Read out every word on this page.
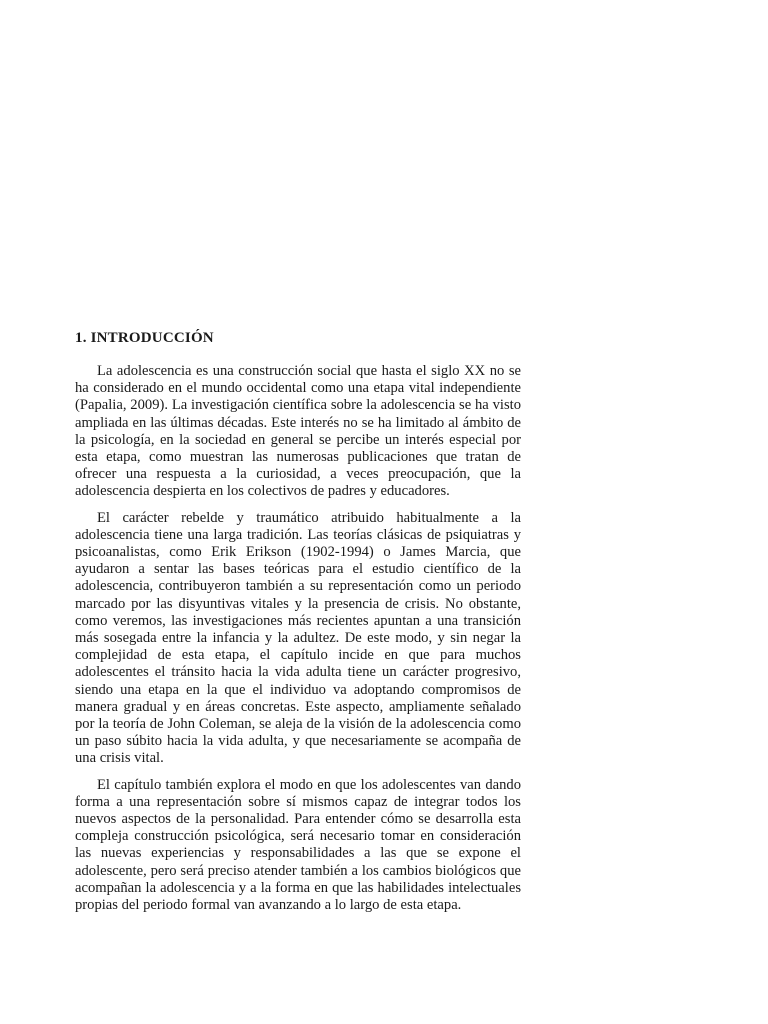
1. INTRODUCCIÓN

La adolescencia es una construcción social que hasta el siglo XX no se ha considerado en el mundo occidental como una etapa vital independiente (Papalia, 2009). La investigación científica sobre la adolescencia se ha visto ampliada en las últimas décadas. Este interés no se ha limitado al ámbito de la psicología, en la sociedad en general se percibe un interés especial por esta etapa, como muestran las numerosas publicaciones que tratan de ofrecer una respuesta a la curiosidad, a veces preocupación, que la adolescencia despierta en los colectivos de padres y educadores.

El carácter rebelde y traumático atribuido habitualmente a la adolescencia tiene una larga tradición. Las teorías clásicas de psiquiatras y psicoanalistas, como Erik Erikson (1902-1994) o James Marcia, que ayudaron a sentar las bases teóricas para el estudio científico de la adolescencia, contribuyeron también a su representación como un periodo marcado por las disyuntivas vitales y la presencia de crisis. No obstante, como veremos, las investigaciones más recientes apuntan a una transición más sosegada entre la infancia y la adultez. De este modo, y sin negar la complejidad de esta etapa, el capítulo incide en que para muchos adolescentes el tránsito hacia la vida adulta tiene un carácter progresivo, siendo una etapa en la que el individuo va adoptando compromisos de manera gradual y en áreas concretas. Este aspecto, ampliamente señalado por la teoría de John Coleman, se aleja de la visión de la adolescencia como un paso súbito hacia la vida adulta, y que necesariamente se acompaña de una crisis vital.

El capítulo también explora el modo en que los adolescentes van dando forma a una representación sobre sí mismos capaz de integrar todos los nuevos aspectos de la personalidad. Para entender cómo se desarrolla esta compleja construcción psicológica, será necesario tomar en consideración las nuevas experiencias y responsabilidades a las que se expone el adolescente, pero será preciso atender también a los cambios biológicos que acompañan la adolescencia y a la forma en que las habilidades intelectuales propias del periodo formal van avanzando a lo largo de esta etapa.
